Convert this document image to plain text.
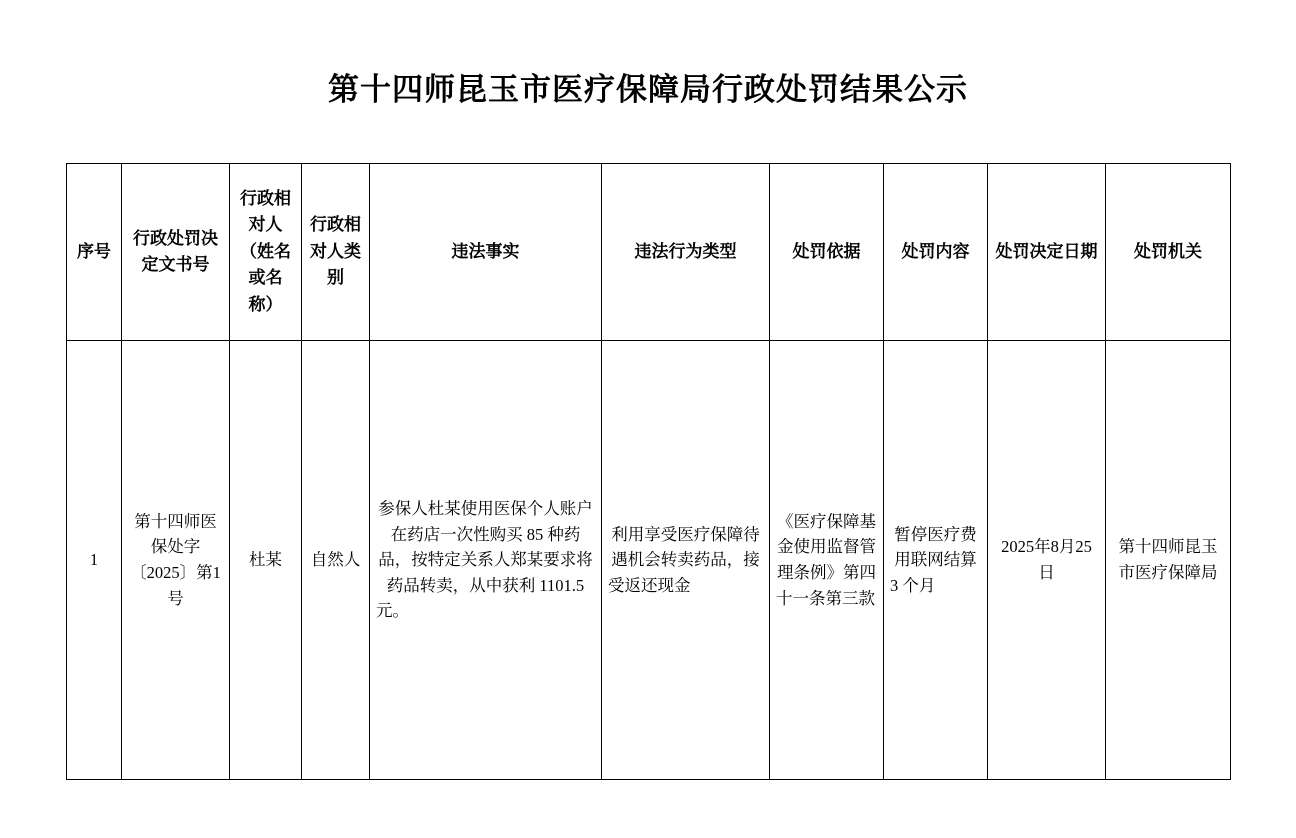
第十四师昆玉市医疗保障局行政处罚结果公示
序号	行政处罚决定文书号	行政相对人（姓名或名称）	行政相对人类别	违法事实	违法行为类型	处罚依据	处罚内容	处罚决定日期	处罚机关
1	第十四师医保处字〔2025〕第1号	杜某	自然人	参保人杜某使用医保个人账户在药店一次性购买 85 种药品，按特定关系人郑某要求将药品转卖，从中获利 1101.5 元。	利用享受医疗保障待遇机会转卖药品，接受返还现金	《医疗保障基金使用监督管理条例》第四十一条第三款	暂停医疗费用联网结算 3 个月	2025年8月25日	第十四师昆玉市医疗保障局
